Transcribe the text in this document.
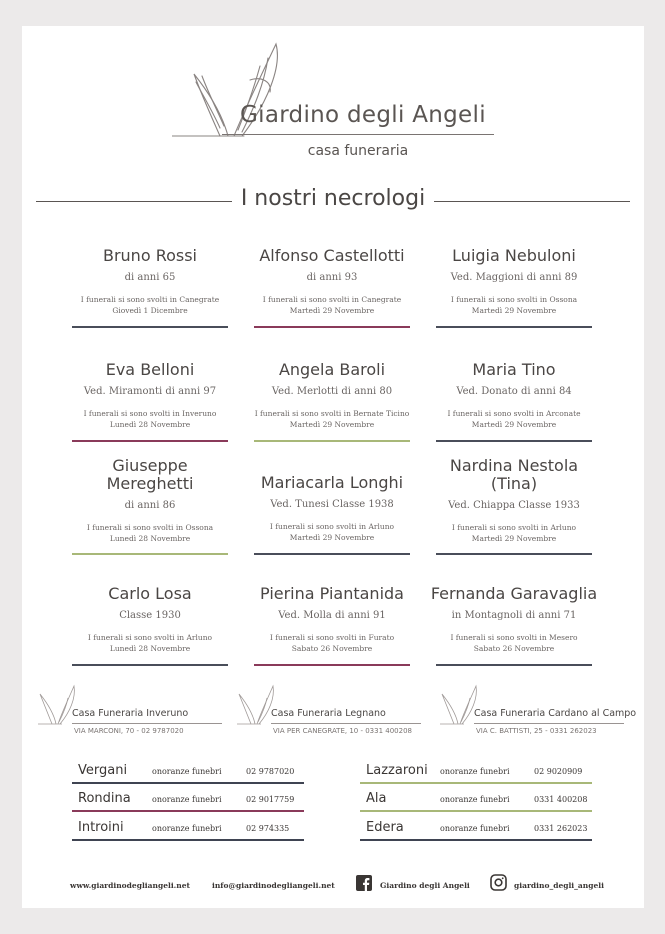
Giardino degli Angeli
casa funeraria
I nostri necrologi
Bruno Rossi
di anni 65
I funerali si sono svolti in Canegrate
Giovedì 1 Dicembre
Alfonso Castellotti
di anni 93
I funerali si sono svolti in Canegrate
Martedì 29 Novembre
Luigia Nebuloni
Ved. Maggioni di anni 89
I funerali si sono svolti in Ossona
Martedì 29 Novembre
Eva Belloni
Ved. Miramonti di anni 97
I funerali si sono svolti in Inveruno
Lunedì 28 Novembre
Angela Baroli
Ved. Merlotti di anni 80
I funerali si sono svolti in Bernate Ticino
Martedì 29 Novembre
Maria Tino
Ved. Donato di anni 84
I funerali si sono svolti in Arconate
Martedì 29 Novembre
Giuseppe
Mereghetti
di anni 86
I funerali si sono svolti in Ossona
Lunedì 28 Novembre
Mariacarla Longhi
Ved. Tunesi Classe 1938
I funerali si sono svolti in Arluno
Martedì 29 Novembre
Nardina Nestola
(Tina)
Ved. Chiappa Classe 1933
I funerali si sono svolti in Arluno
Martedì 29 Novembre
Carlo Losa
Classe 1930
I funerali si sono svolti in Arluno
Lunedì 28 Novembre
Pierina Piantanida
Ved. Molla di anni 91
I funerali si sono svolti in Furato
Sabato 26 Novembre
Fernanda Garavaglia
in Montagnoli di anni 71
I funerali si sono svolti in Mesero
Sabato 26 Novembre
Casa Funeraria Inveruno
VIA MARCONI, 70 - 02 9787020
Casa Funeraria Legnano
VIA PER CANEGRATE, 10 - 0331 400208
Casa Funeraria Cardano al Campo
VIA C. BATTISTI, 25 - 0331 262023
Vergani	onoranze funebri	02 9787020
Rondina	onoranze funebri	02 9017759
Introini	onoranze funebri	02 974335
Lazzaroni onoranze funebri	02 9020909
Ala	onoranze funebri	0331 400208
Edera	onoranze funebri	0331 262023
www.giardinodegliangeli.net	info@giardinodegliangeli.net	Giardino degli Angeli	giardino_degli_angeli
